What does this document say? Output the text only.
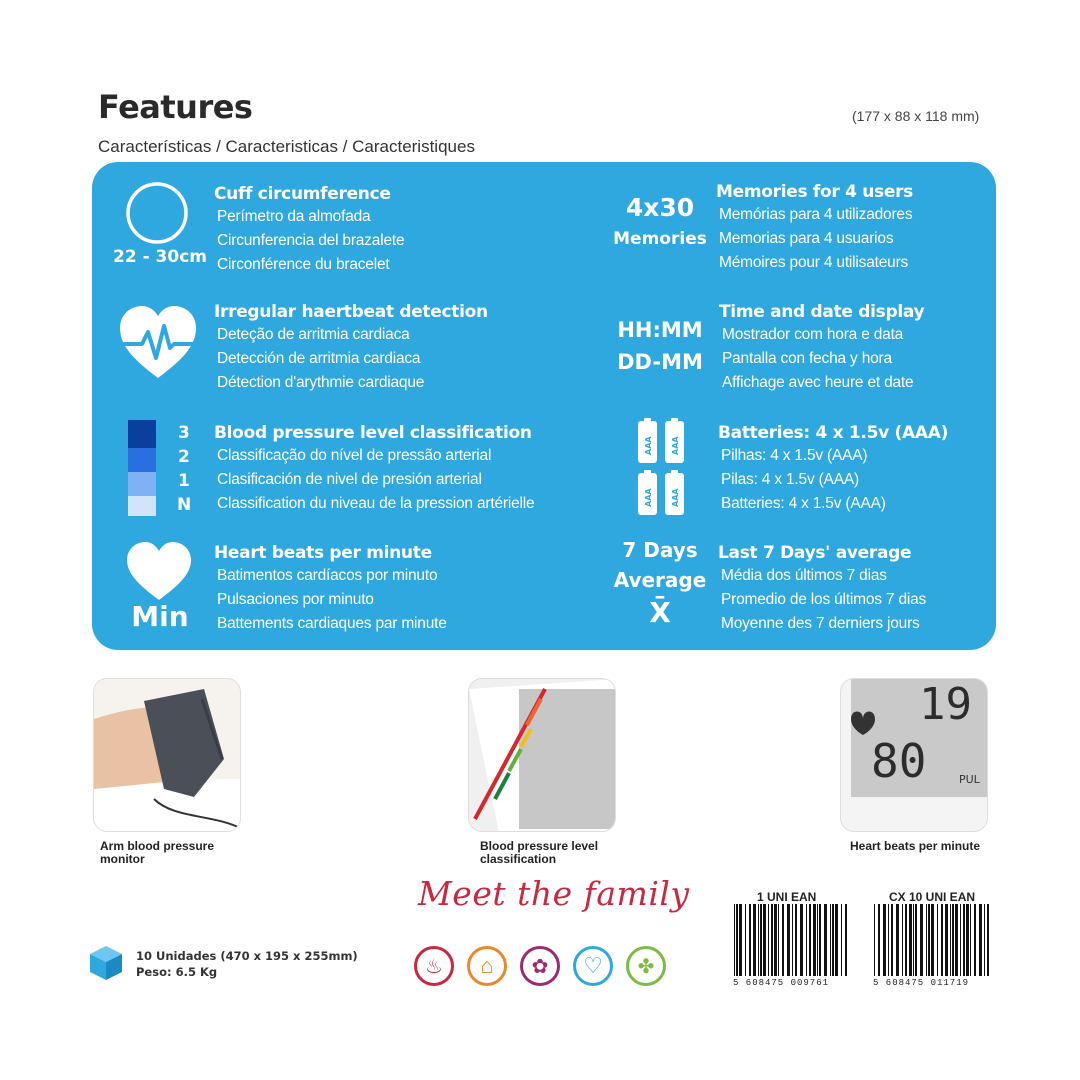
Features
Características / Caracteristicas / Caracteristiques
(177 x 88 x 118 mm)
22 - 30cm
3
2
1
N
Min
Cuff circumference
Perímetro da almofada
Circunferencia del brazalete
Circonférence du bracelet
Irregular haertbeat detection
Deteção de arritmia cardiaca
Detección de arritmia cardiaca
Détection d'arythmie cardiaque
Blood pressure level classification
Classificação do nível de pressão arterial
Clasificación de nivel de presión arterial
Classification du niveau de la pression artérielle
Heart beats per minute
Batimentos cardíacos por minuto
Pulsaciones por minuto
Battements cardiaques par minute
4x30
Memories
HH:MM
DD-MM
AAA AAA
AAA AAA
7 Days
Average
X̄
Memories for 4 users
Memórias para 4 utilizadores
Memorias para 4 usuarios
Mémoires pour 4 utilisateurs
Time and date display
Mostrador com hora e data
Pantalla con fecha y hora
Affichage avec heure et date
Batteries: 4 x 1.5v (AAA)
Pilhas: 4 x 1.5v (AAA)
Pilas: 4 x 1.5v (AAA)
Batteries: 4 x 1.5v (AAA)
Last 7 Days' average
Média dos últimos 7 dias
Promedio de los últimos 7 dias
Moyenne des 7 derniers jours
Arm blood pressure monitor
Blood pressure level classification
19
80	PUL
Heart beats per minute
10 Unidades (470 x 195 x 255mm)
Peso: 6.5 Kg
Meet the family
♨ ⌂ ✿ ♡ ✤
1 UNI EAN
5 608475 009761
CX 10 UNI EAN
5 608475 011719
